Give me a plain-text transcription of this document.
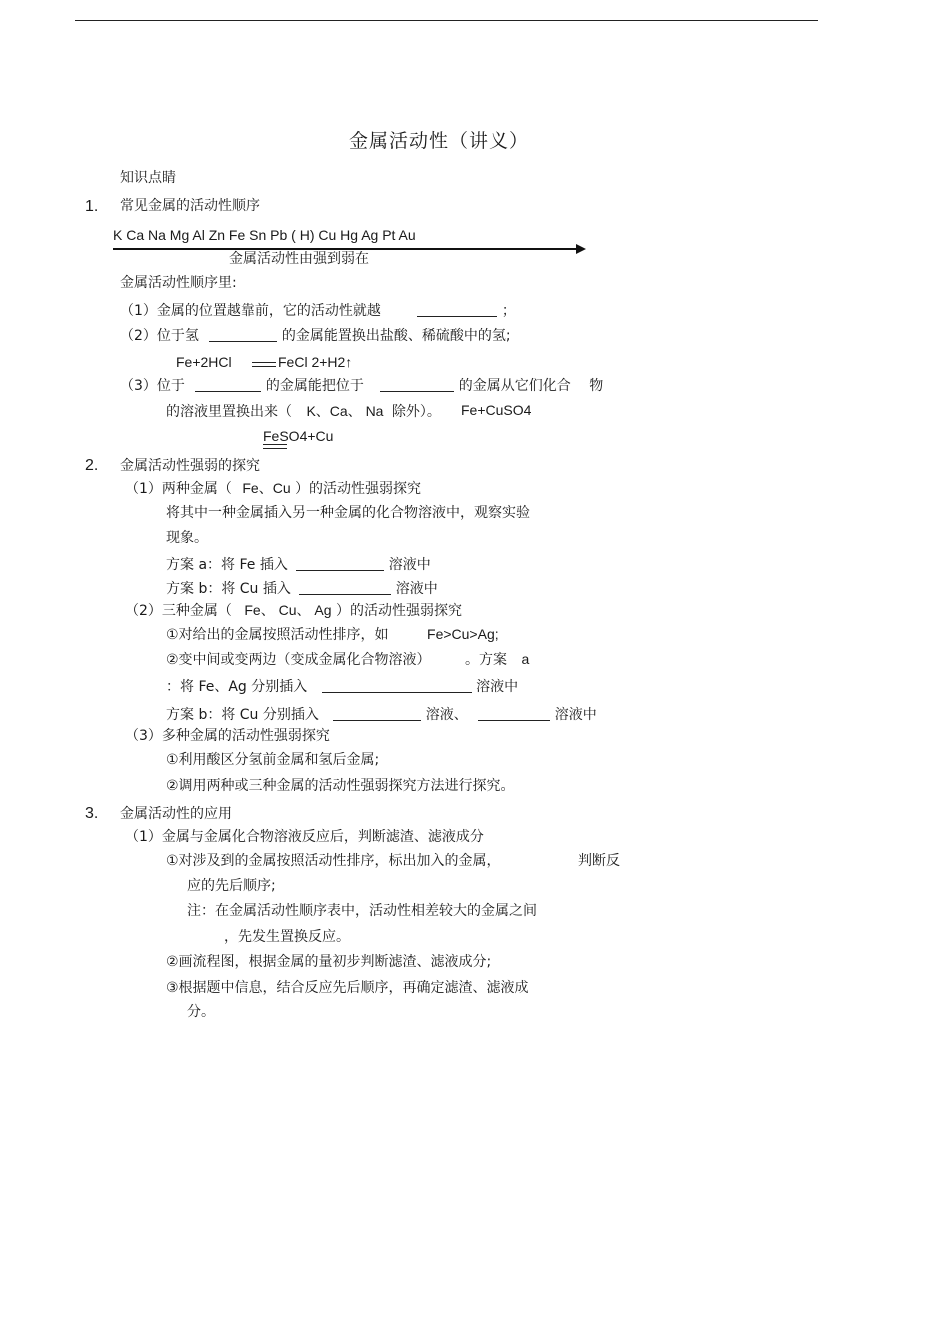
金属活动性（讲义）
知识点睛
1. 常见金属的活动性顺序
K Ca Na Mg Al Zn Fe Sn Pb ( H) Cu Hg Ag Pt Au
金属活动性由强到弱在
金属活动性顺序里:
（1）金属的位置越靠前，它的活动性就越	；
（2）位于氢	的金属能置换出盐酸、稀硫酸中的氢;
Fe+2HCl	FeCl 2+H2↑
（3）位于	的金属能把位于	的金属从它们化合 物
的溶液里置换出来（ K、Ca、 Na 除外）。 Fe+CuSO4
FeSO4+Cu
2. 金属活动性强弱的探究
（1）两种金属（ Fe、Cu ）的活动性强弱探究
将其中一种金属插入另一种金属的化合物溶液中，观察实验
现象。
方案 a：将 Fe 插入	溶液中
方案 b：将 Cu 插入	溶液中
（2）三种金属（ Fe、 Cu、 Ag ）的活动性强弱探究
①对给出的金属按照活动性排序，如	Fe>Cu>Ag;
②变中间或变两边（变成金属化合物溶液） 。方案 a
：将 Fe、Ag 分别插入	溶液中
方案 b：将 Cu 分别插入	溶液、	溶液中
（3）多种金属的活动性强弱探究
①利用酸区分氢前金属和氢后金属;
②调用两种或三种金属的活动性强弱探究方法进行探究。
3. 金属活动性的应用
（1）金属与金属化合物溶液反应后，判断滤渣、滤液成分
①对涉及到的金属按照活动性排序，标出加入的金属，	判断反
应的先后顺序;
注：在金属活动性顺序表中，活动性相差较大的金属之间
，先发生置换反应。
②画流程图，根据金属的量初步判断滤渣、滤液成分;
③根据题中信息，结合反应先后顺序，再确定滤渣、滤液成
分。
